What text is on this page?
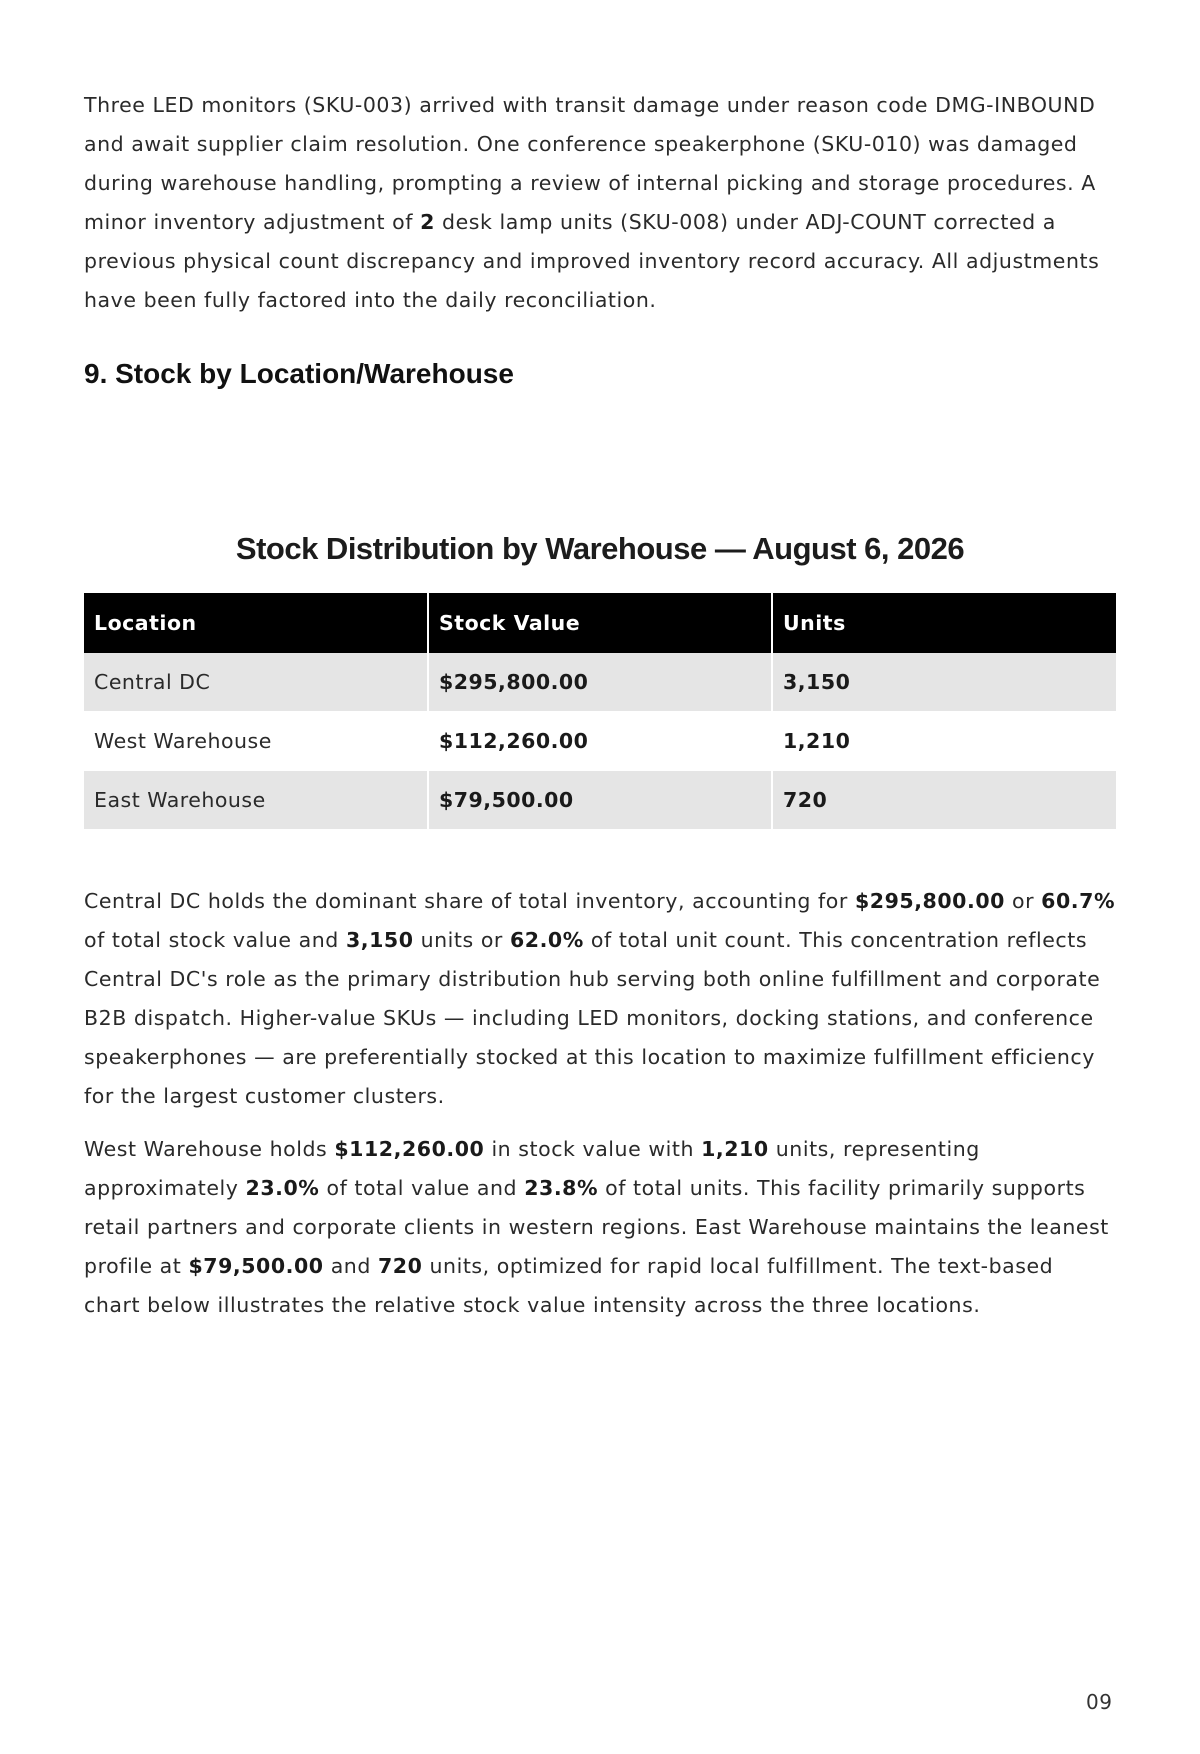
Three LED monitors (SKU-003) arrived with transit damage under reason code DMG-INBOUND and await supplier claim resolution. One conference speakerphone (SKU-010) was damaged during warehouse handling, prompting a review of internal picking and storage procedures. A minor inventory adjustment of 2 desk lamp units (SKU-008) under ADJ-COUNT corrected a previous physical count discrepancy and improved inventory record accuracy. All adjustments have been fully factored into the daily reconciliation.

9. Stock by Location/Warehouse
Stock Distribution by Warehouse — August 6, 2026
Location	Stock Value	Units
Central DC	$295,800.00	3,150
West Warehouse	$112,260.00	1,210
East Warehouse	$79,500.00	720

Central DC holds the dominant share of total inventory, accounting for $295,800.00 or 60.7% of total stock value and 3,150 units or 62.0% of total unit count. This concentration reflects Central DC's role as the primary distribution hub serving both online fulfillment and corporate B2B dispatch. Higher-value SKUs — including LED monitors, docking stations, and conference speakerphones — are preferentially stocked at this location to maximize fulfillment efficiency for the largest customer clusters.

West Warehouse holds $112,260.00 in stock value with 1,210 units, representing approximately 23.0% of total value and 23.8% of total units. This facility primarily supports retail partners and corporate clients in western regions. East Warehouse maintains the leanest profile at $79,500.00 and 720 units, optimized for rapid local fulfillment. The text-based chart below illustrates the relative stock value intensity across the three locations.

09
